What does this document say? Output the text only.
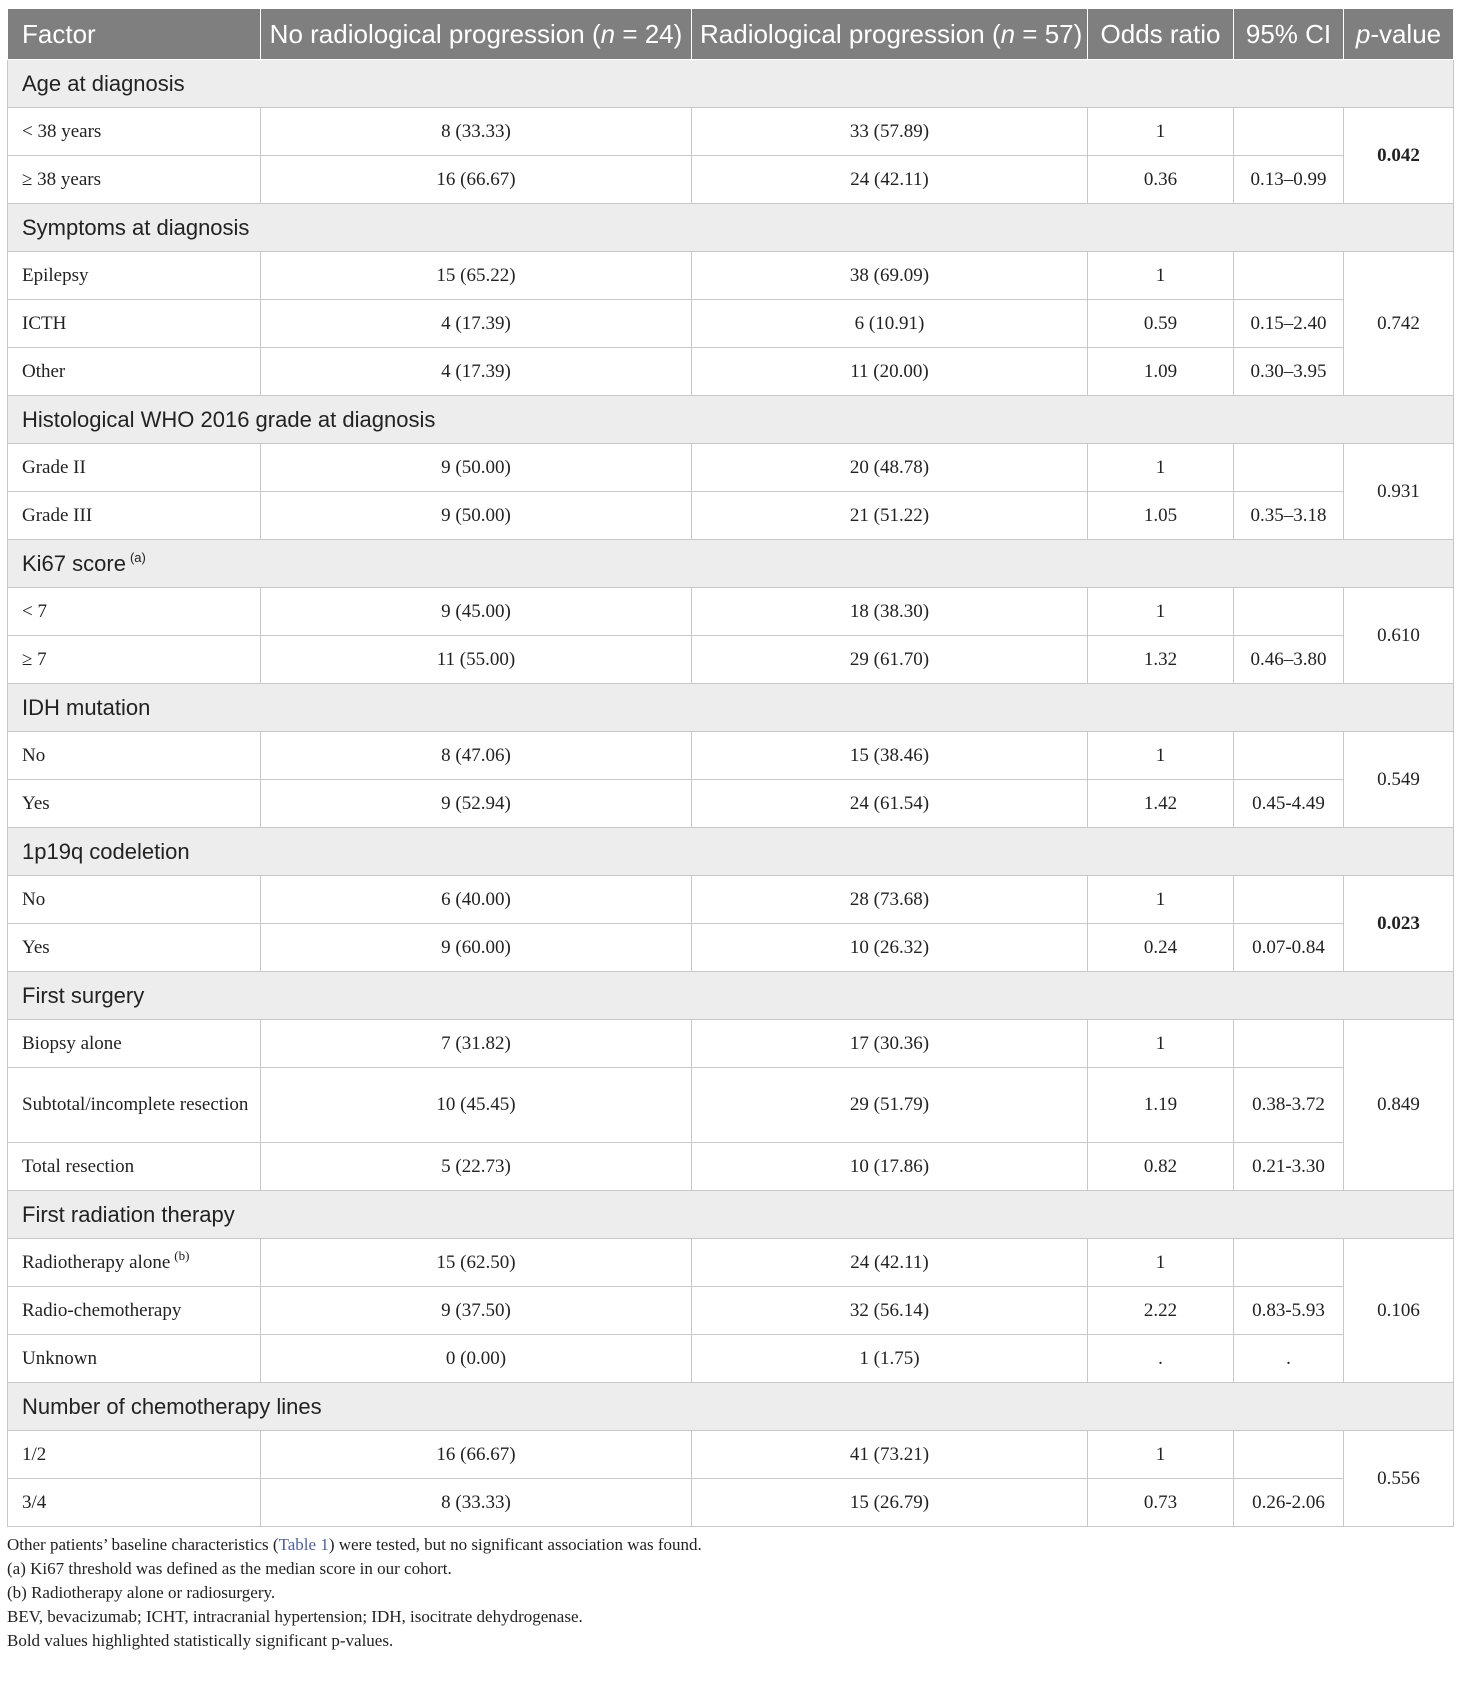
Factor	No radiological progression (n = 24)	Radiological progression (n = 57)	Odds ratio	95% CI	p-value
Age at diagnosis					
< 38 years	8 (33.33)	33 (57.89)	1		0.042
≥ 38 years	16 (66.67)	24 (42.11)	0.36	0.13–0.99	
Symptoms at diagnosis					
Epilepsy	15 (65.22)	38 (69.09)	1		0.742
ICTH	4 (17.39)	6 (10.91)	0.59	0.15–2.40	
Other	4 (17.39)	11 (20.00)	1.09	0.30–3.95	
Histological WHO 2016 grade at diagnosis					
Grade II	9 (50.00)	20 (48.78)	1		0.931
Grade III	9 (50.00)	21 (51.22)	1.05	0.35–3.18	
Ki67 score $^{(a)}$
< 7	9 (45.00)	18 (38.30)	1		0.610
≥ 7	11 (55.00)	29 (61.70)	1.32	0.46–3.80	
IDH mutation					
No	8 (47.06)	15 (38.46)	1		0.549
Yes	9 (52.94)	24 (61.54)	1.42	0.45-4.49	
1p19q codeletion					
No	6 (40.00)	28 (73.68)	1		0.023
Yes	9 (60.00)	10 (26.32)	0.24	0.07-0.84	
First surgery					
Biopsy alone	7 (31.82)	17 (30.36)	1		0.849
Subtotal/incomplete resection	10 (45.45)	29 (51.79)	1.19	0.38-3.72	
Total resection	5 (22.73)	10 (17.86)	0.82	0.21-3.30	
First radiation therapy					
Radiotherapy alone $^{(b)}$	15 (62.50)	24 (42.11)	1		0.106
Radio-chemotherapy	9 (37.50)	32 (56.14)	2.22	0.83-5.93	
Unknown	0 (0.00)	1 (1.75)	.	.	
Number of chemotherapy lines					
1/2	16 (66.67)	41 (73.21)	1		0.556
3/4	8 (33.33)	15 (26.79)	0.73	0.26-2.06	
Other patients’ baseline characteristics (Table 1) were tested, but no significant association was found.
(a) Ki67 threshold was defined as the median score in our cohort.
(b) Radiotherapy alone or radiosurgery.
BEV, bevacizumab; ICHT, intracranial hypertension; IDH, isocitrate dehydrogenase.
Bold values highlighted statistically significant p-values.
